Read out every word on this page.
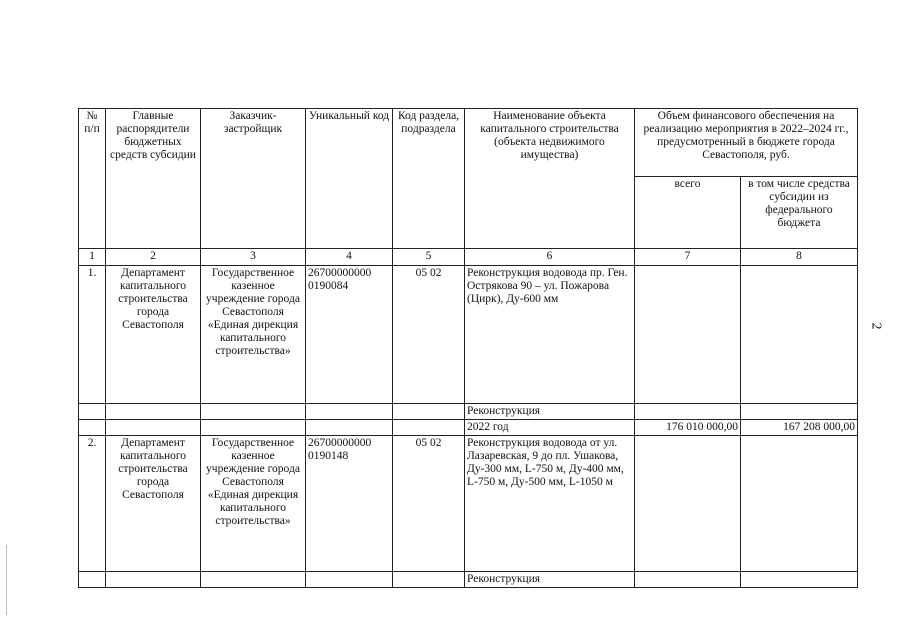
2
№ п/п	Главные распорядители бюджетных средств субсидии	Заказчик-застройщик	Уникальный код	Код раздела, подраздела	Наименование объекта капитального строительства (объекта недвижимого имущества)	Объем финансового обеспечения на реализацию мероприятия в 2022–2024 гг., предусмотренный в бюджете города Севастополя, руб.	
						всего	в том числе средства субсидии из федерального бюджета
1	2	3	4	5	6	7	8
1.	Департамент капитального строительства города Севастополя	Государственное казенное учреждение города Севастополя «Единая дирекция капитального строительства»	26700000000 0190084	05 02	Реконструкция водовода пр. Ген. Острякова 90 – ул. Пожарова (Цирк), Ду-600 мм		
					Реконструкция		
					2022 год	176 010 000,00	167 208 000,00
2.	Департамент капитального строительства города Севастополя	Государственное казенное учреждение города Севастополя «Единая дирекция капитального строительства»	26700000000 0190148	05 02	Реконструкция водовода от ул. Лазаревская, 9 до пл. Ушакова, Ду-300 мм, L-750 м, Ду-400 мм, L-750 м, Ду-500 мм, L-1050 м		
					Реконструкция		
